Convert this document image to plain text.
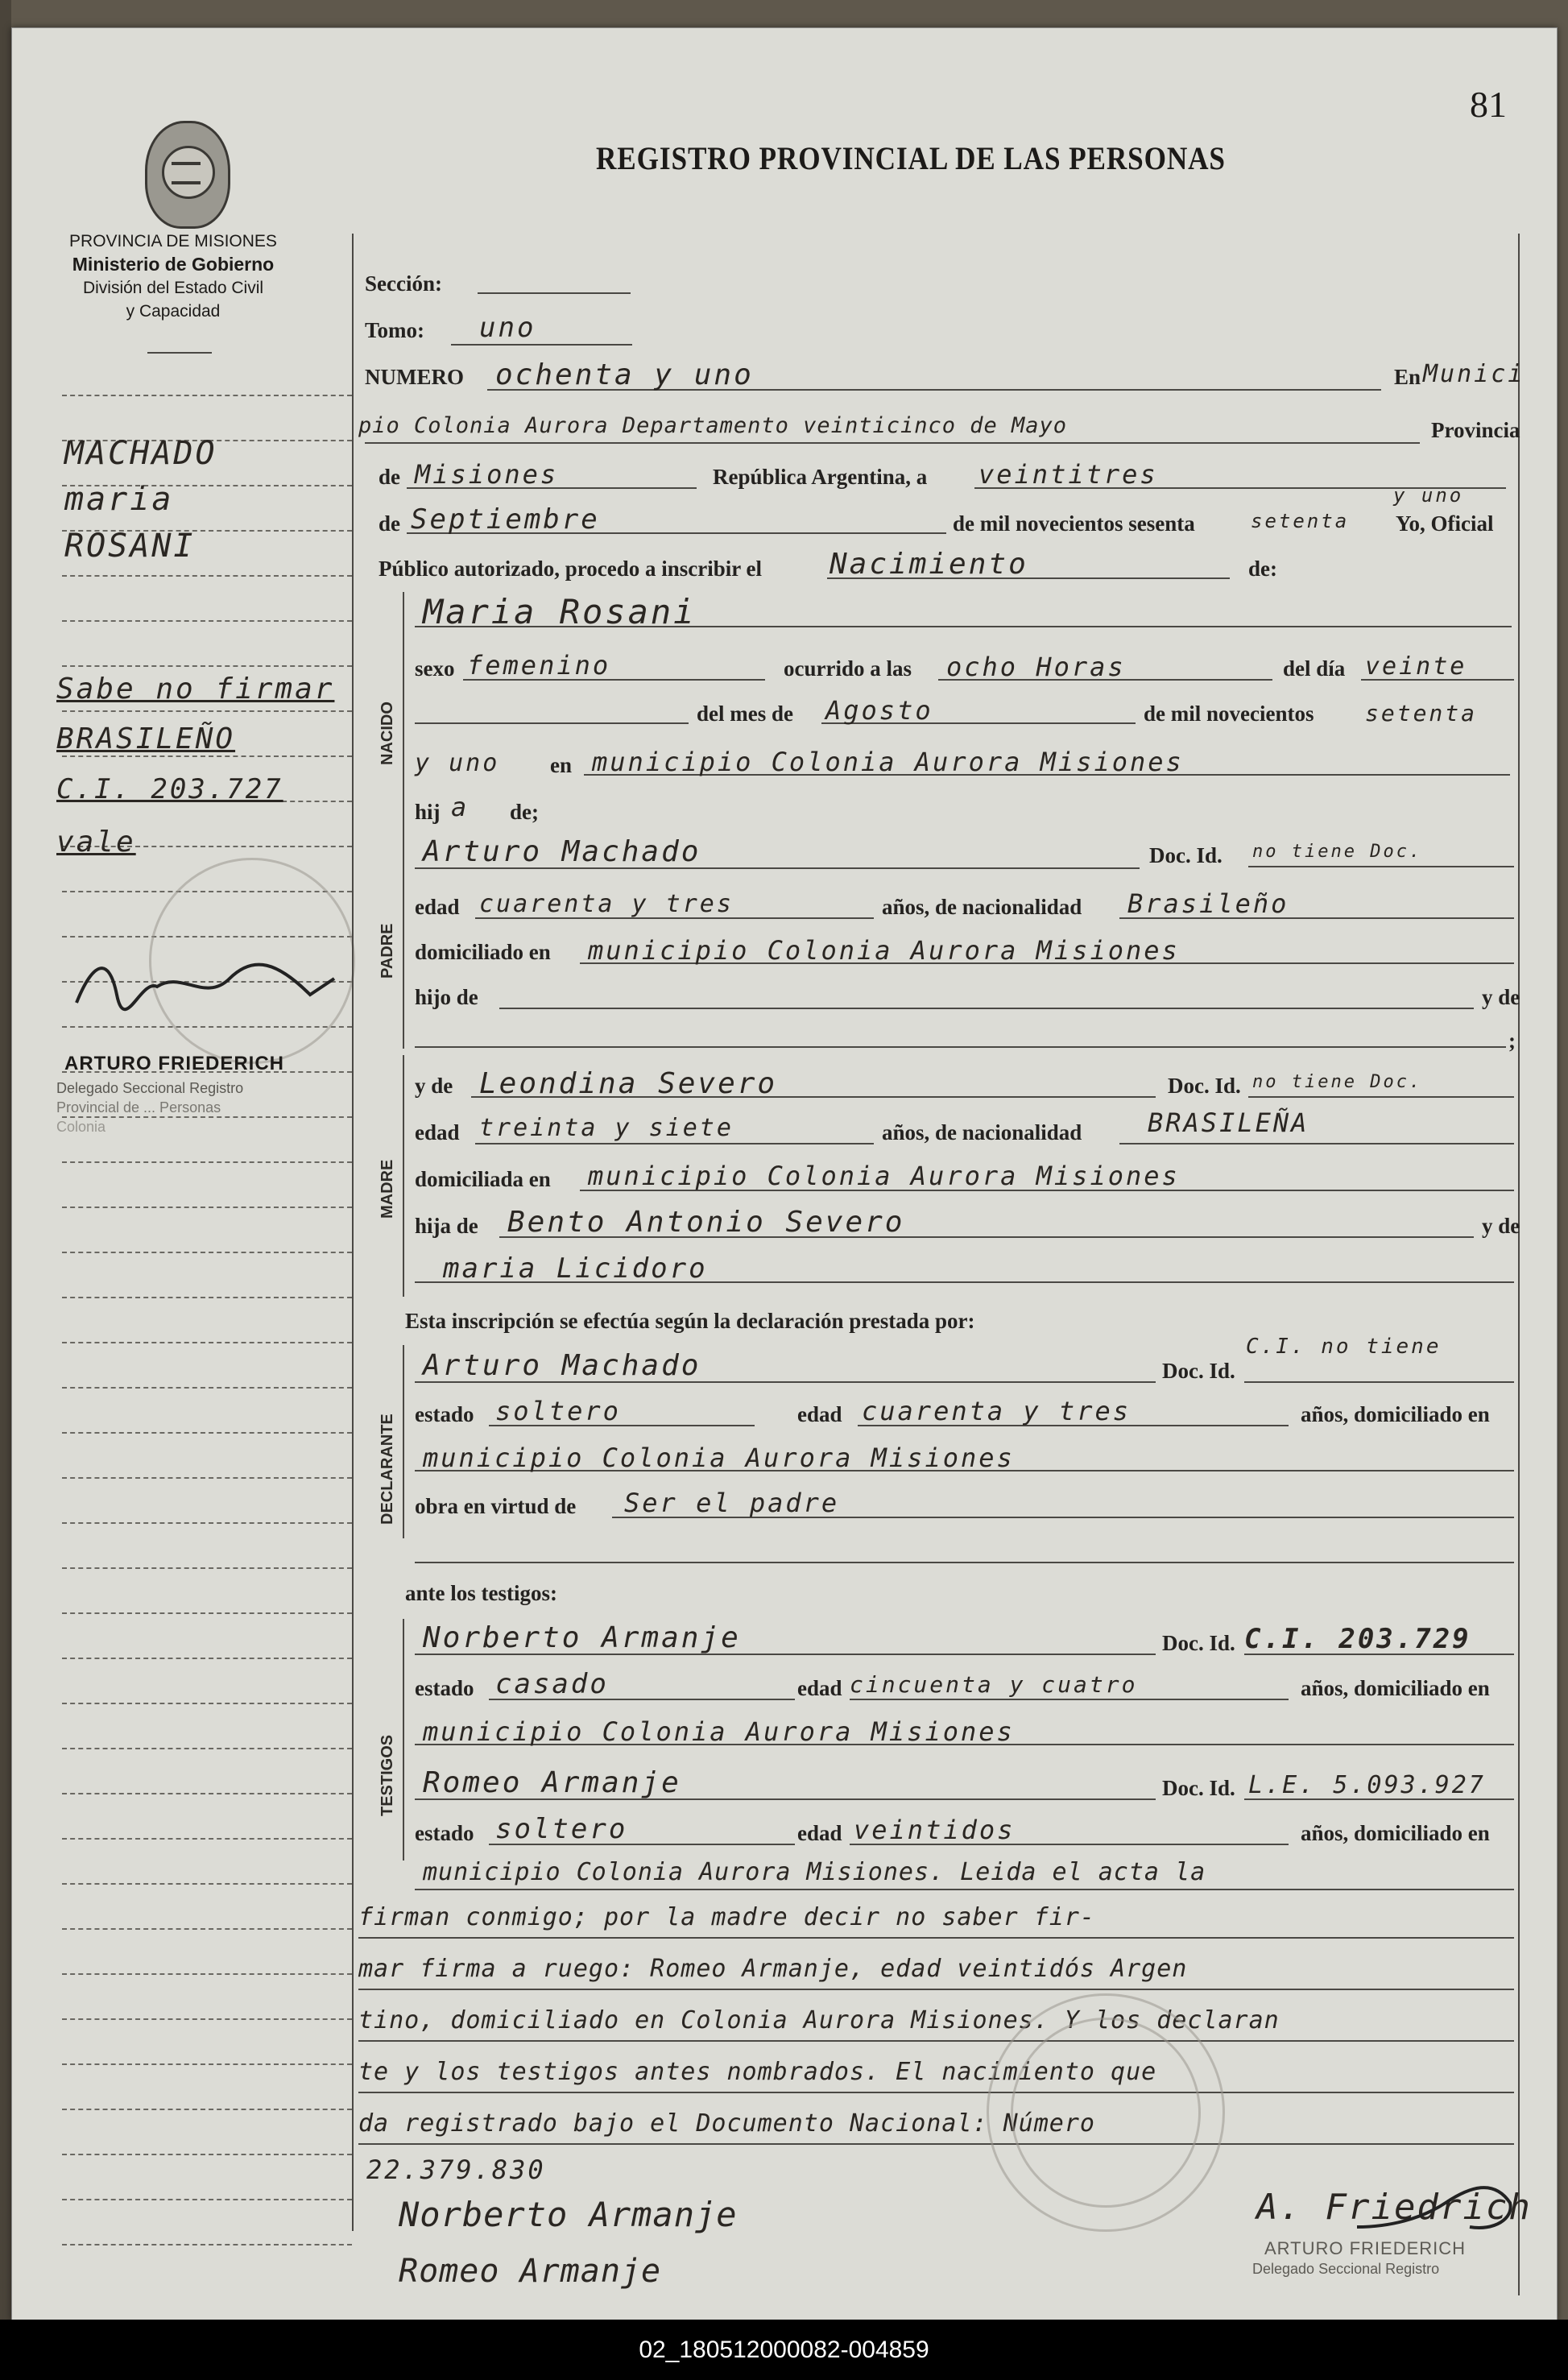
81
REGISTRO PROVINCIAL DE LAS PERSONAS
PROVINCIA DE MISIONES
Ministerio de Gobierno
División del Estado Civil
y Capacidad
MACHADO
maria
ROSANI
Sabe no firmar
BRASILEÑO
C.I. 203.727
vale
ARTURO FRIEDERICH
Delegado Seccional Registro
Provincial de ... Personas
Colonia
Sección:
Tomo: uno
NUMERO ochenta y uno	En Munici
pio Colonia Aurora Departamento veinticinco de Mayo	Provincia
de Misiones	República Argentina, a veintitres
de Septiembre	de mil novecientos sesenta	setenta
y uno
Yo, Oficial
Público autorizado, procedo a inscribir el Nacimiento	de:
NACIDO
Maria Rosani
sexo femenino	ocurrido a las ocho Horas	del día veinte
del mes de Agosto	de mil novecientos setenta
y uno en municipio Colonia Aurora Misiones
hij a de;
PADRE
Arturo Machado	Doc. Id. no tiene Doc.
edad cuarenta y tres	años, de nacionalidad Brasileño
domiciliado en municipio Colonia Aurora Misiones
hijo de	y de
;
MADRE
y de Leondina Severo	Doc. Id. no tiene Doc.
edad treinta y siete	años, de nacionalidad	BRASILEÑA
domiciliada en municipio Colonia Aurora Misiones
hija de Bento Antonio Severo	y de
maria Licidoro
Esta inscripción se efectúa según la declaración prestada por:
DECLARANTE
Arturo Machado	Doc. Id.
C.I. no tiene
estado soltero	edad cuarenta y tres	años, domiciliado en
municipio Colonia Aurora Misiones
obra en virtud de Ser el padre
ante los testigos:
TESTIGOS
Norberto Armanje	Doc. Id. C.I. 203.729
estado casado	edad cincuenta y cuatro	años, domiciliado en
municipio Colonia Aurora Misiones
Romeo Armanje	Doc. Id. L.E. 5.093.927
estado soltero	edad veintidos	años, domiciliado en
municipio Colonia Aurora Misiones. Leida el acta la
firman conmigo; por la madre decir no saber fir-
mar firma a ruego: Romeo Armanje, edad veintidós Argen
tino, domiciliado en Colonia Aurora Misiones. Y los declaran
te y los testigos antes nombrados. El nacimiento que
da registrado bajo el Documento Nacional: Número
22.379.830
Norberto Armanje
Romeo Armanje
A. Friedrich
ARTURO FRIEDERICH
Delegado Seccional Registro
02_180512000082-004859
